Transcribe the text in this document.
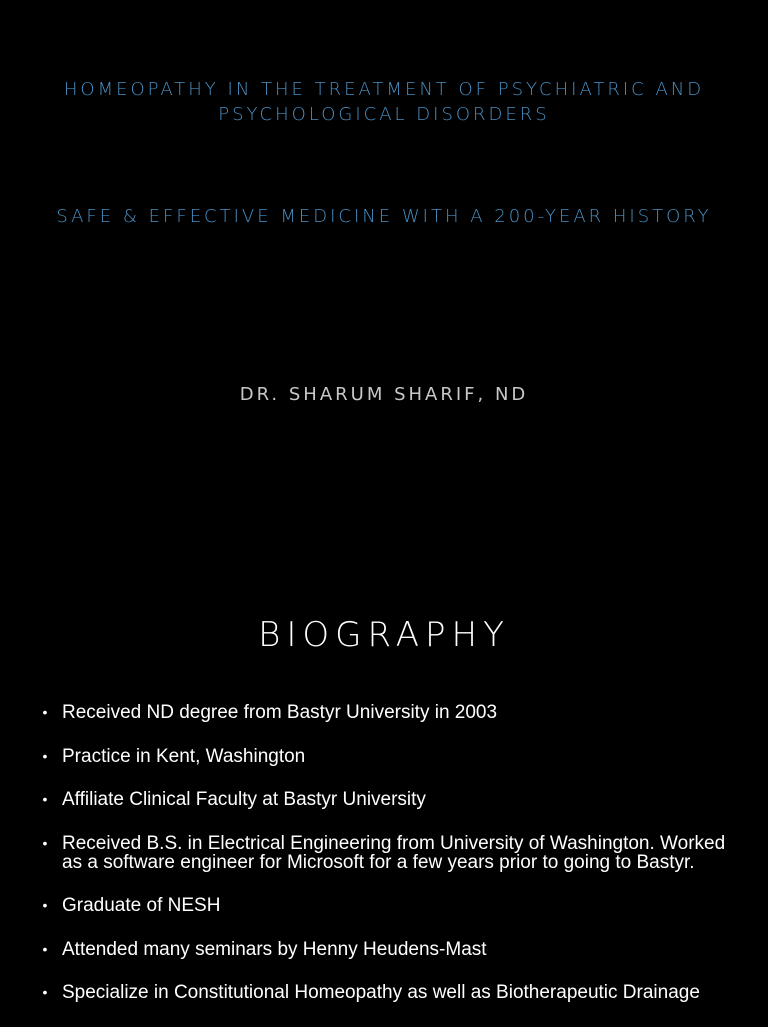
HOMEOPATHY IN THE TREATMENT OF PSYCHIATRIC AND
PSYCHOLOGICAL DISORDERS
SAFE & EFFECTIVE MEDICINE WITH A 200-YEAR HISTORY
DR. SHARUM SHARIF, ND
BIOGRAPHY
• Received ND degree from Bastyr University in 2003
• Practice in Kent, Washington
• Affiliate Clinical Faculty at Bastyr University
• Received B.S. in Electrical Engineering from University of Washington. Worked as a software engineer for Microsoft for a few years prior to going to Bastyr.
• Graduate of NESH
• Attended many seminars by Henny Heudens-Mast
• Specialize in Constitutional Homeopathy as well as Biotherapeutic Drainage
